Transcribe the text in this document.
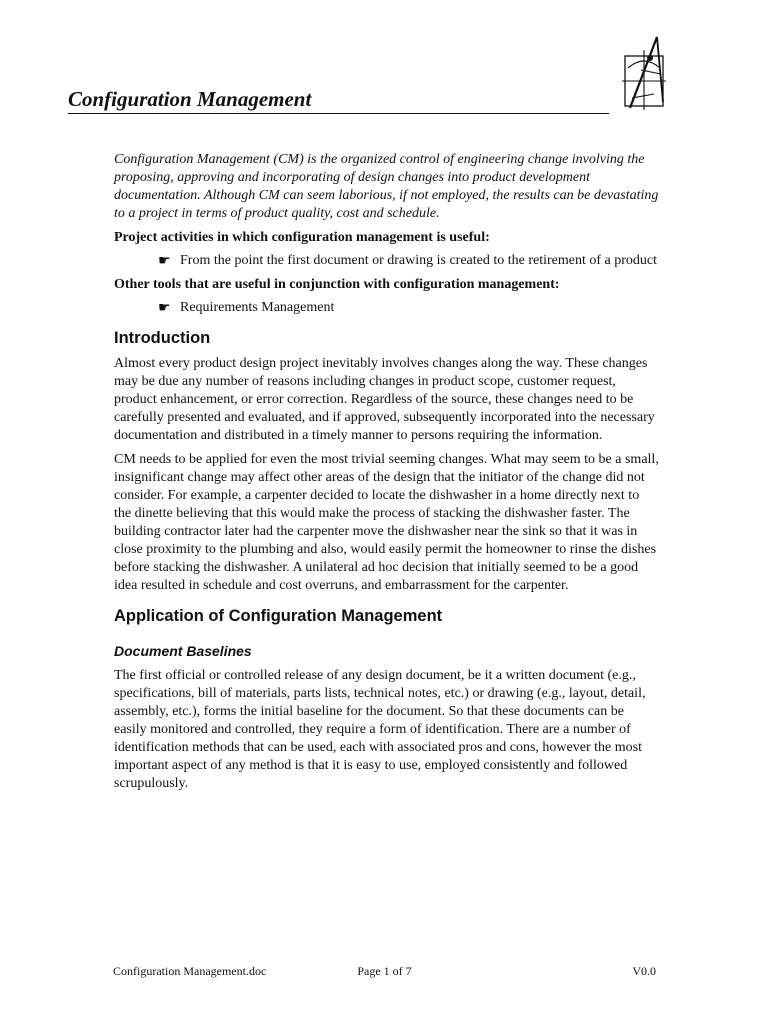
Configuration Management

Configuration Management (CM) is the organized control of engineering change involving the proposing, approving and incorporating of design changes into product development documentation. Although CM can seem laborious, if not employed, the results can be devastating to a project in terms of product quality, cost and schedule.

Project activities in which configuration management is useful:

☛ From the point the first document or drawing is created to the retirement of a product

Other tools that are useful in conjunction with configuration management:

☛ Requirements Management
Introduction

Almost every product design project inevitably involves changes along the way. These changes may be due any number of reasons including changes in product scope, customer request, product enhancement, or error correction. Regardless of the source, these changes need to be carefully presented and evaluated, and if approved, subsequently incorporated into the necessary documentation and distributed in a timely manner to persons requiring the information.

CM needs to be applied for even the most trivial seeming changes. What may seem to be a small, insignificant change may affect other areas of the design that the initiator of the change did not consider. For example, a carpenter decided to locate the dishwasher in a home directly next to the dinette believing that this would make the process of stacking the dishwasher faster. The building contractor later had the carpenter move the dishwasher near the sink so that it was in close proximity to the plumbing and also, would easily permit the homeowner to rinse the dishes before stacking the dishwasher. A unilateral ad hoc decision that initially seemed to be a good idea resulted in schedule and cost overruns, and embarrassment for the carpenter.

Application of Configuration Management
Document Baselines

The first official or controlled release of any design document, be it a written document (e.g., specifications, bill of materials, parts lists, technical notes, etc.) or drawing (e.g., layout, detail, assembly, etc.), forms the initial baseline for the document. So that these documents can be easily monitored and controlled, they require a form of identification. There are a number of identification methods that can be used, each with associated pros and cons, however the most important aspect of any method is that it is easy to use, employed consistently and followed scrupulously.

Configuration Management.doc	Page 1 of 7	V0.0
